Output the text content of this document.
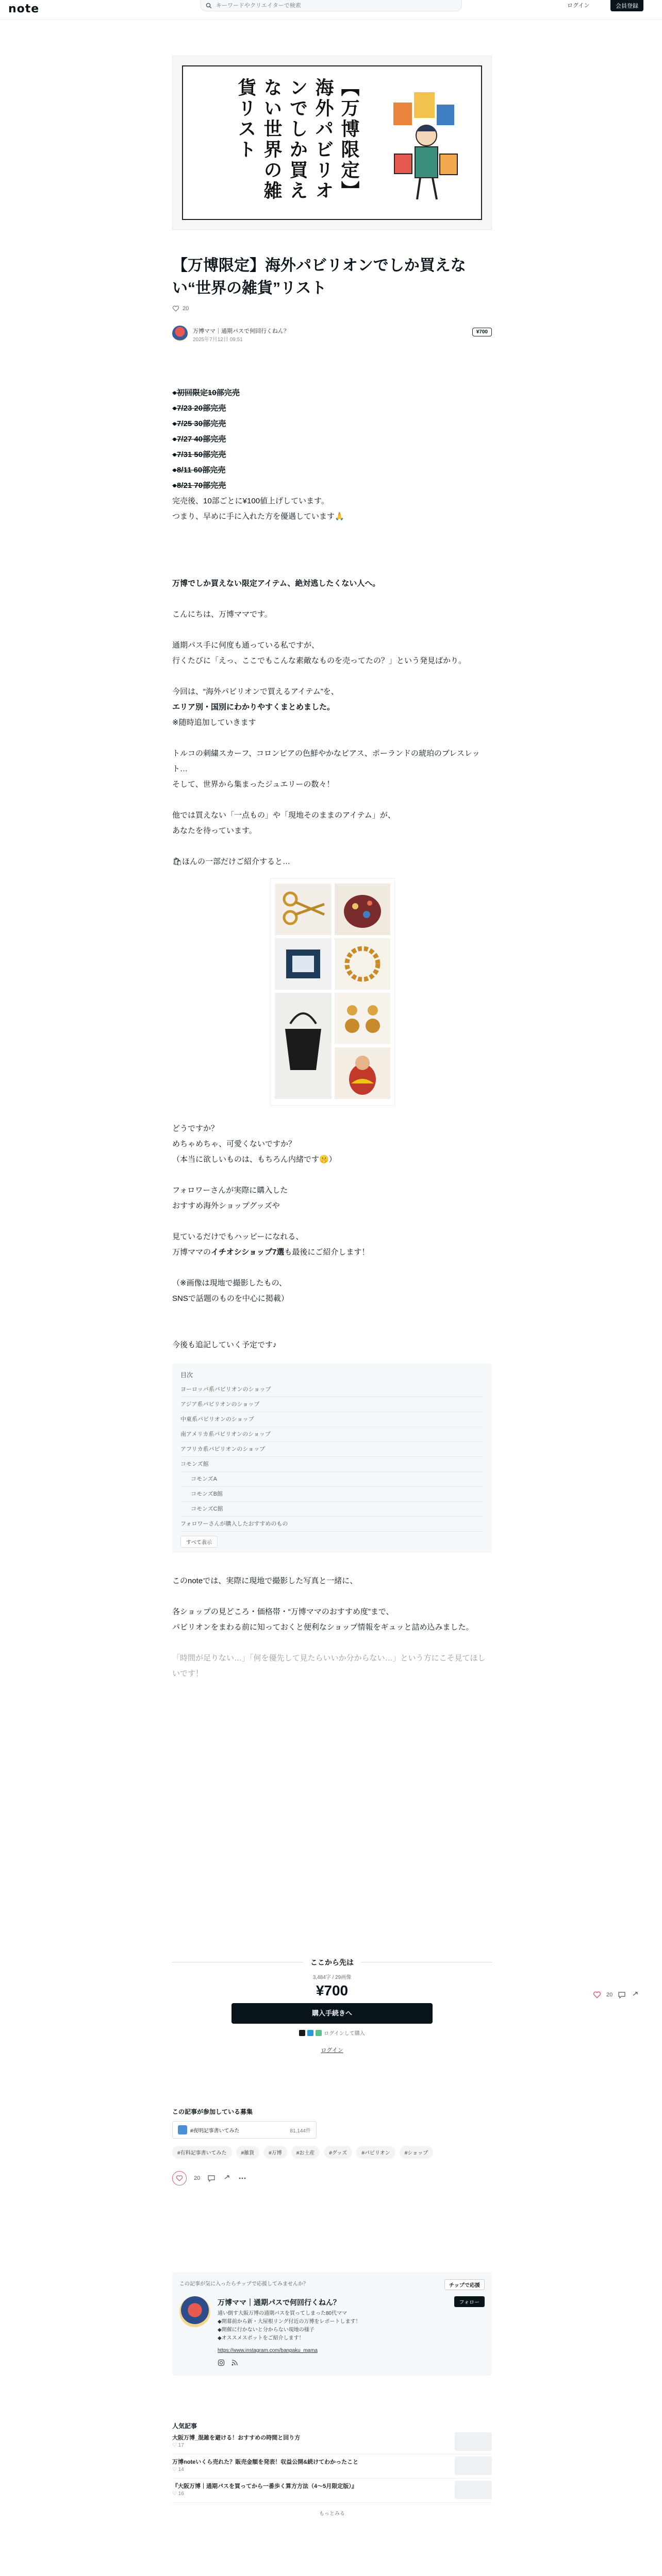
note
キーワードやクリエイターで検索	ログイン	会員登録
【万博限定】海外パビリオンでしか買えない世界の雑貨リスト
【万博限定】海外パビリオンでしか買えない“世界の雑貨”リスト
20
万博ママ｜通期パスで何回行くねん？
2025年7月12日 09:51
¥700

●初回限定10部完売

●7/23 20部完売

●7/25 30部完売

●7/27 40部完売

●7/31 50部完売

●8/11 60部完売

●8/21 70部完売

完売後、10部ごとに¥100値上げしています。

つまり、早めに手に入れた方を優遇しています🙏

万博でしか買えない限定アイテム、絶対逃したくない人へ。

こんにちは、万博ママです。

通期パス手に何度も通っている私ですが、

行くたびに「えっ、ここでもこんな素敵なものを売ってたの？」という発見ばかり。

今回は、“海外パビリオンで買えるアイテム”を、

エリア別・国別にわかりやすくまとめました。

※随時追加していきます

トルコの刺繍スカーフ、コロンビアの色鮮やかなピアス、ポーランドの琥珀のブレスレット…

そして、世界から集まったジュエリーの数々！

他では買えない「一点もの」や「現地そのままのアイテム」が、

あなたを待っています。

🛍ほんの一部だけご紹介すると…

どうですか？

めちゃめちゃ、可愛くないですか？

（本当に欲しいものは、もちろん内緒です🤫）

フォロワーさんが実際に購入した

おすすめ海外ショップグッズや

見ているだけでもハッピーになれる、

万博ママのイチオシショップ7選も最後にご紹介します！

（※画像は現地で撮影したもの、

SNSで話題のものを中心に掲載）

今後も追記していく予定です♪

目次
ヨーロッパ系パビリオンのショップ
アジア系パビリオンのショップ
中東系パビリオンのショップ
南アメリカ系パビリオンのショップ
アフリカ系パビリオンのショップ
コモンズ館
コモンズA
コモンズB館
コモンズC館
フォロワーさんが購入したおすすめのもの
すべて表示

このnoteでは、実際に現地で撮影した写真と一緒に、

各ショップの見どころ・価格帯・“万博ママのおすすめ度”まで、

パビリオンをまわる前に知っておくと便利なショップ情報をギュッと詰め込みました。

「時間が足りない…」「何を優先して見たらいいか分からない…」という方にこそ見てほしいです！

ここから先は
3,484字 / 29画像
¥700
購入手続きへ
ログインして購入
ログイン
20
この記事が参加している募集
#夜明記事書いてみた	81,144件
#有料記事書いてみた	#雑貨	#万博	#お土産	#グッズ	#パビリオン	#ショップ
20
この記事が気に入ったらチップで応援してみませんか？	チップで応援
万博ママ｜通期パスで何回行くねん？	フォロー
通い倒す大阪万博の通期パスを買ってしまった80代ママ
◆開幕前から新・大屋根リング付近の万博をレポートします！
◆開催に行かないと分からない現地の様子
◆オススメスポットをご紹介します！
https://www.instagram.com/banpaku_mama
人気記事
大阪万博_混雑を避ける！おすすめの時間と回り方
♡ 17
万博noteいくら売れた？販売金額を発表！収益公開&続けてわかったこと
♡ 14
『大阪万博｜通期パスを買ってから一番歩く算方方法（4〜5月限定版）』
♡ 16
もっとみる
